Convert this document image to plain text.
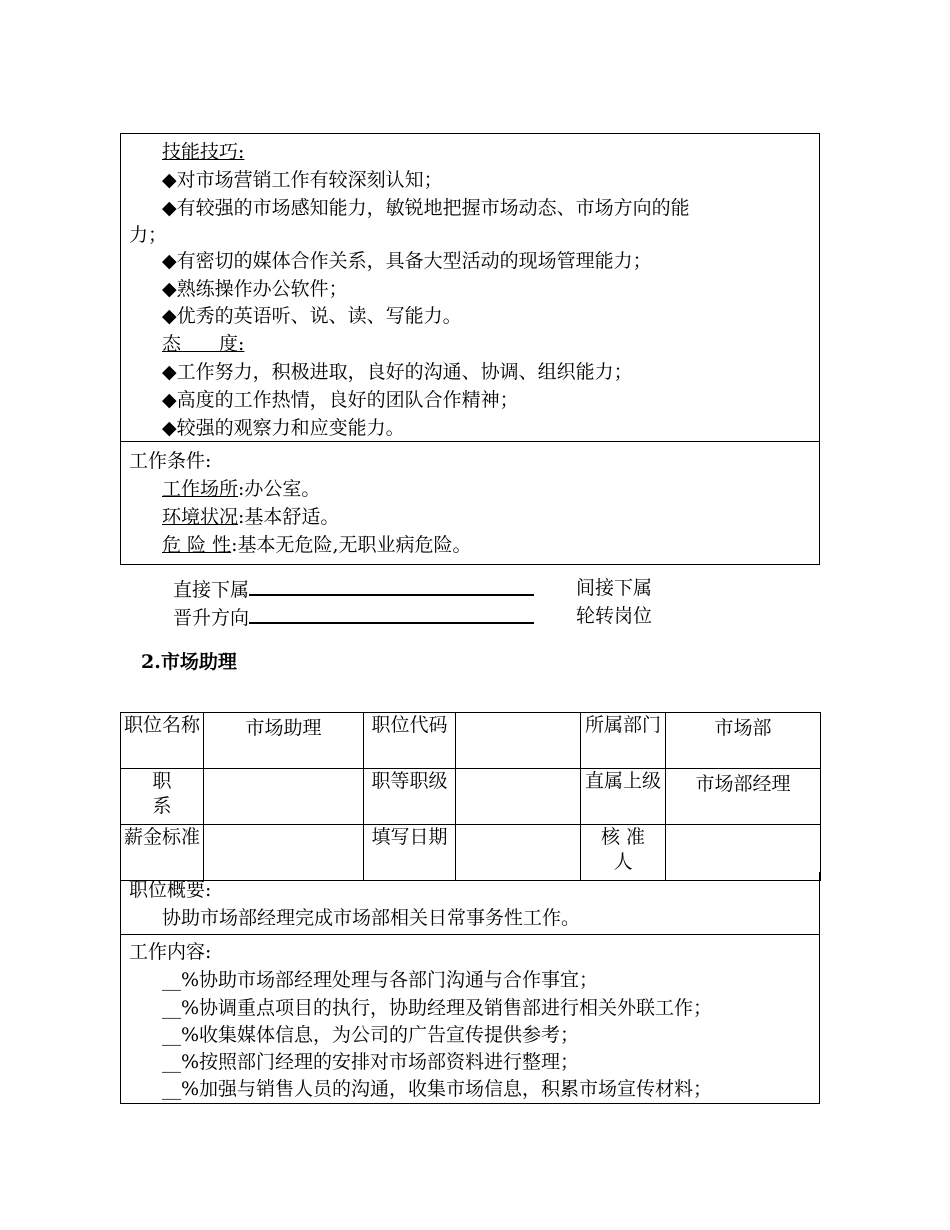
技能技巧:
◆对市场营销工作有较深刻认知；
◆有较强的市场感知能力，敏锐地把握市场动态、市场方向的能
力；
◆有密切的媒体合作关系，具备大型活动的现场管理能力；
◆熟练操作办公软件；
◆优秀的英语听、说、读、写能力。
态　　度:
◆工作努力，积极进取，良好的沟通、协调、组织能力；
◆高度的工作热情，良好的团队合作精神；
◆较强的观察力和应变能力。
工作条件:
工作场所:办公室。
环境状况:基本舒适。
危 险 性:基本无危险,无职业病危险。
直接下属	间接下属
晋升方向	轮转岗位
2.市场助理
职位名称	市场助理	职位代码		所属部门	市场部
职
系		职等职级		直属上级	市场部经理
薪金标准		填写日期		核 准
人	
职位概要:
协助市场部经理完成市场部相关日常事务性工作。
工作内容:
__%协助市场部经理处理与各部门沟通与合作事宜；
__%协调重点项目的执行，协助经理及销售部进行相关外联工作；
__%收集媒体信息，为公司的广告宣传提供参考；
__%按照部门经理的安排对市场部资料进行整理；
__%加强与销售人员的沟通，收集市场信息，积累市场宣传材料；
